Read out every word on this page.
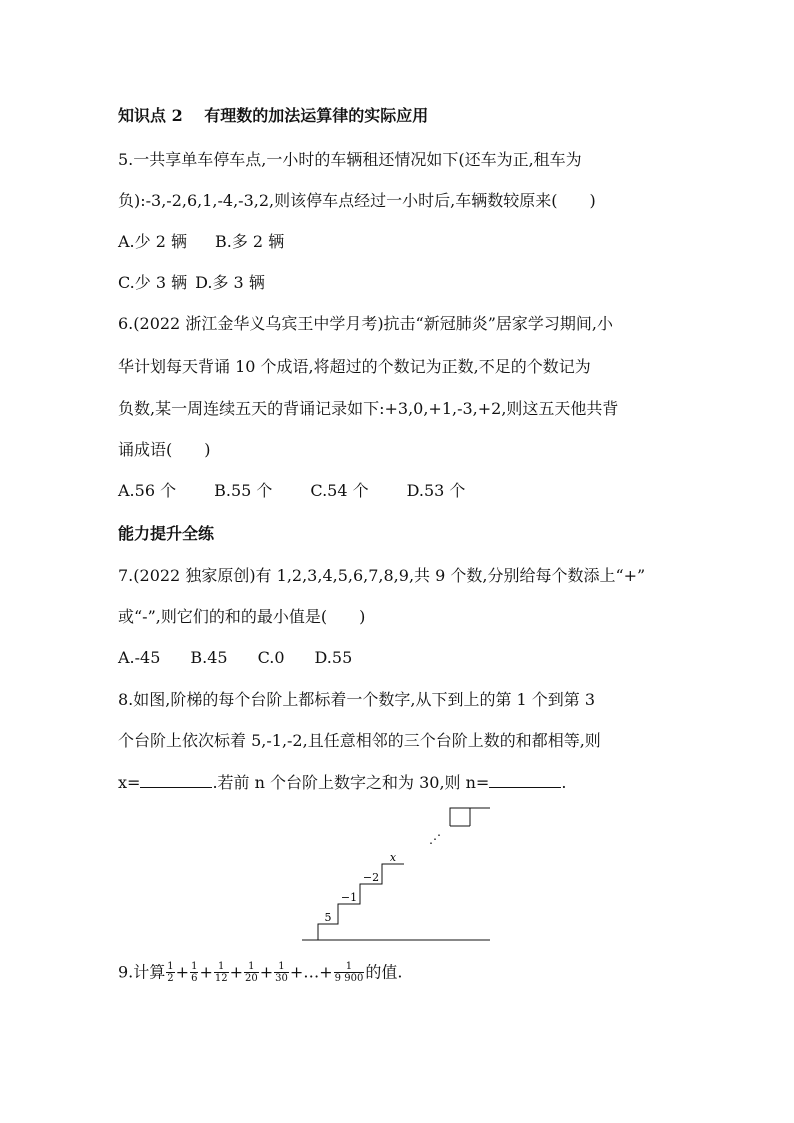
知识点 2　 有理数的加法运算律的实际应用
5.一共享单车停车点,一小时的车辆租还情况如下(还车为正,租车为
负):-3,-2,6,1,-4,-3,2,则该停车点经过一小时后,车辆数较原来(　　)
A.少 2 辆 B.多 2 辆
C.少 3 辆 D.多 3 辆
6.(2022 浙江金华义乌宾王中学月考)抗击“新冠肺炎”居家学习期间,小
华计划每天背诵 10 个成语,将超过的个数记为正数,不足的个数记为
负数,某一周连续五天的背诵记录如下:+3,0,+1,-3,+2,则这五天他共背
诵成语(　　)
A.56 个 B.55 个 C.54 个 D.53 个
能力提升全练
7.(2022 独家原创)有 1,2,3,4,5,6,7,8,9,共 9 个数,分别给每个数添上“+”
或“-”,则它们的和的最小值是(　　)
A.-45 B.45 C.0 D.55
8.如图,阶梯的每个台阶上都标着一个数字,从下到上的第 1 个到第 3
个台阶上依次标着 5,-1,-2,且任意相邻的三个台阶上数的和都相等,则
x=	.若前 n 个台阶上数字之和为 30,则 n=	.
5
−1
−2
x
⋰
9.计算 $\frac{1}{2} + \frac{1}{6} + \frac{1}{12} + \frac{1}{20} + \frac{1}{30}$ +…+ $\frac{1}{9 900}$ 的值.
